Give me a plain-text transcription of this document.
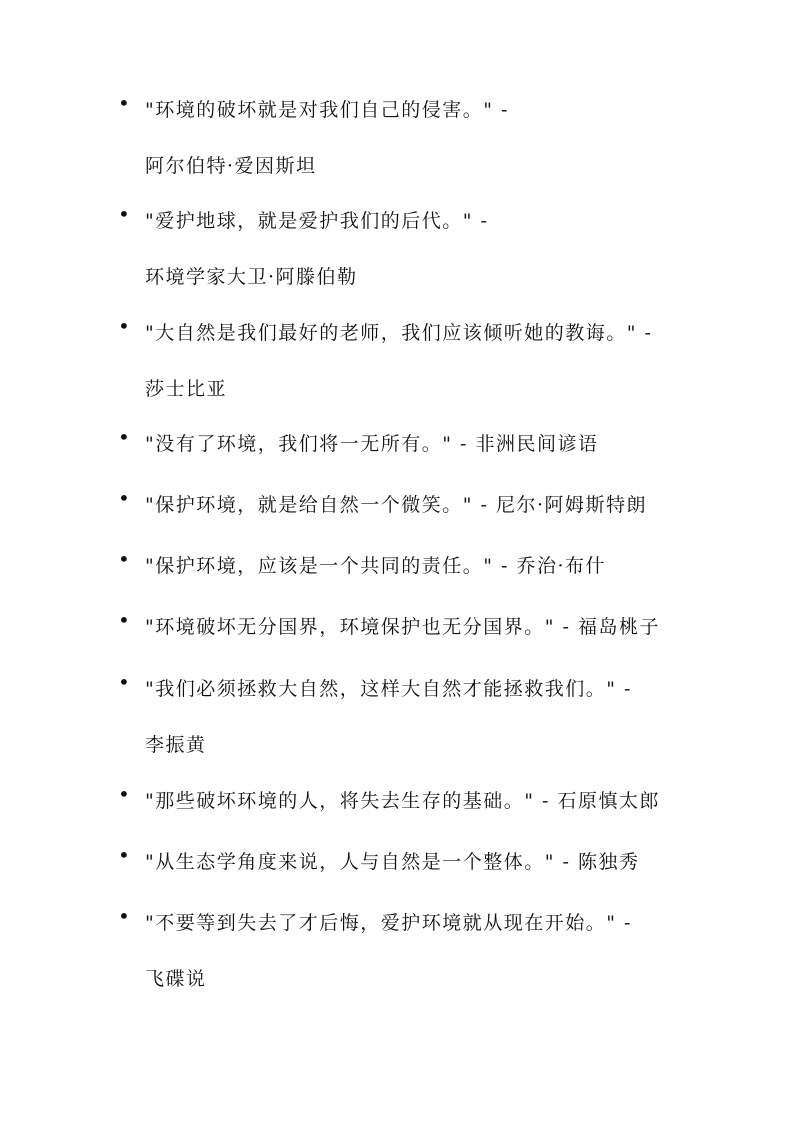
• "环境的破坏就是对我们自己的侵害。" -
阿尔伯特·爱因斯坦
• "爱护地球，就是爱护我们的后代。" -
环境学家大卫·阿滕伯勒
• "大自然是我们最好的老师，我们应该倾听她的教诲。" -
莎士比亚
• "没有了环境，我们将一无所有。" - 非洲民间谚语
• "保护环境，就是给自然一个微笑。" - 尼尔·阿姆斯特朗
• "保护环境，应该是一个共同的责任。" - 乔治·布什
• "环境破坏无分国界，环境保护也无分国界。" - 福岛桃子
• "我们必须拯救大自然，这样大自然才能拯救我们。" -
李振黄
• "那些破坏环境的人，将失去生存的基础。" - 石原慎太郎
• "从生态学角度来说，人与自然是一个整体。" - 陈独秀
• "不要等到失去了才后悔，爱护环境就从现在开始。" -
飞碟说
